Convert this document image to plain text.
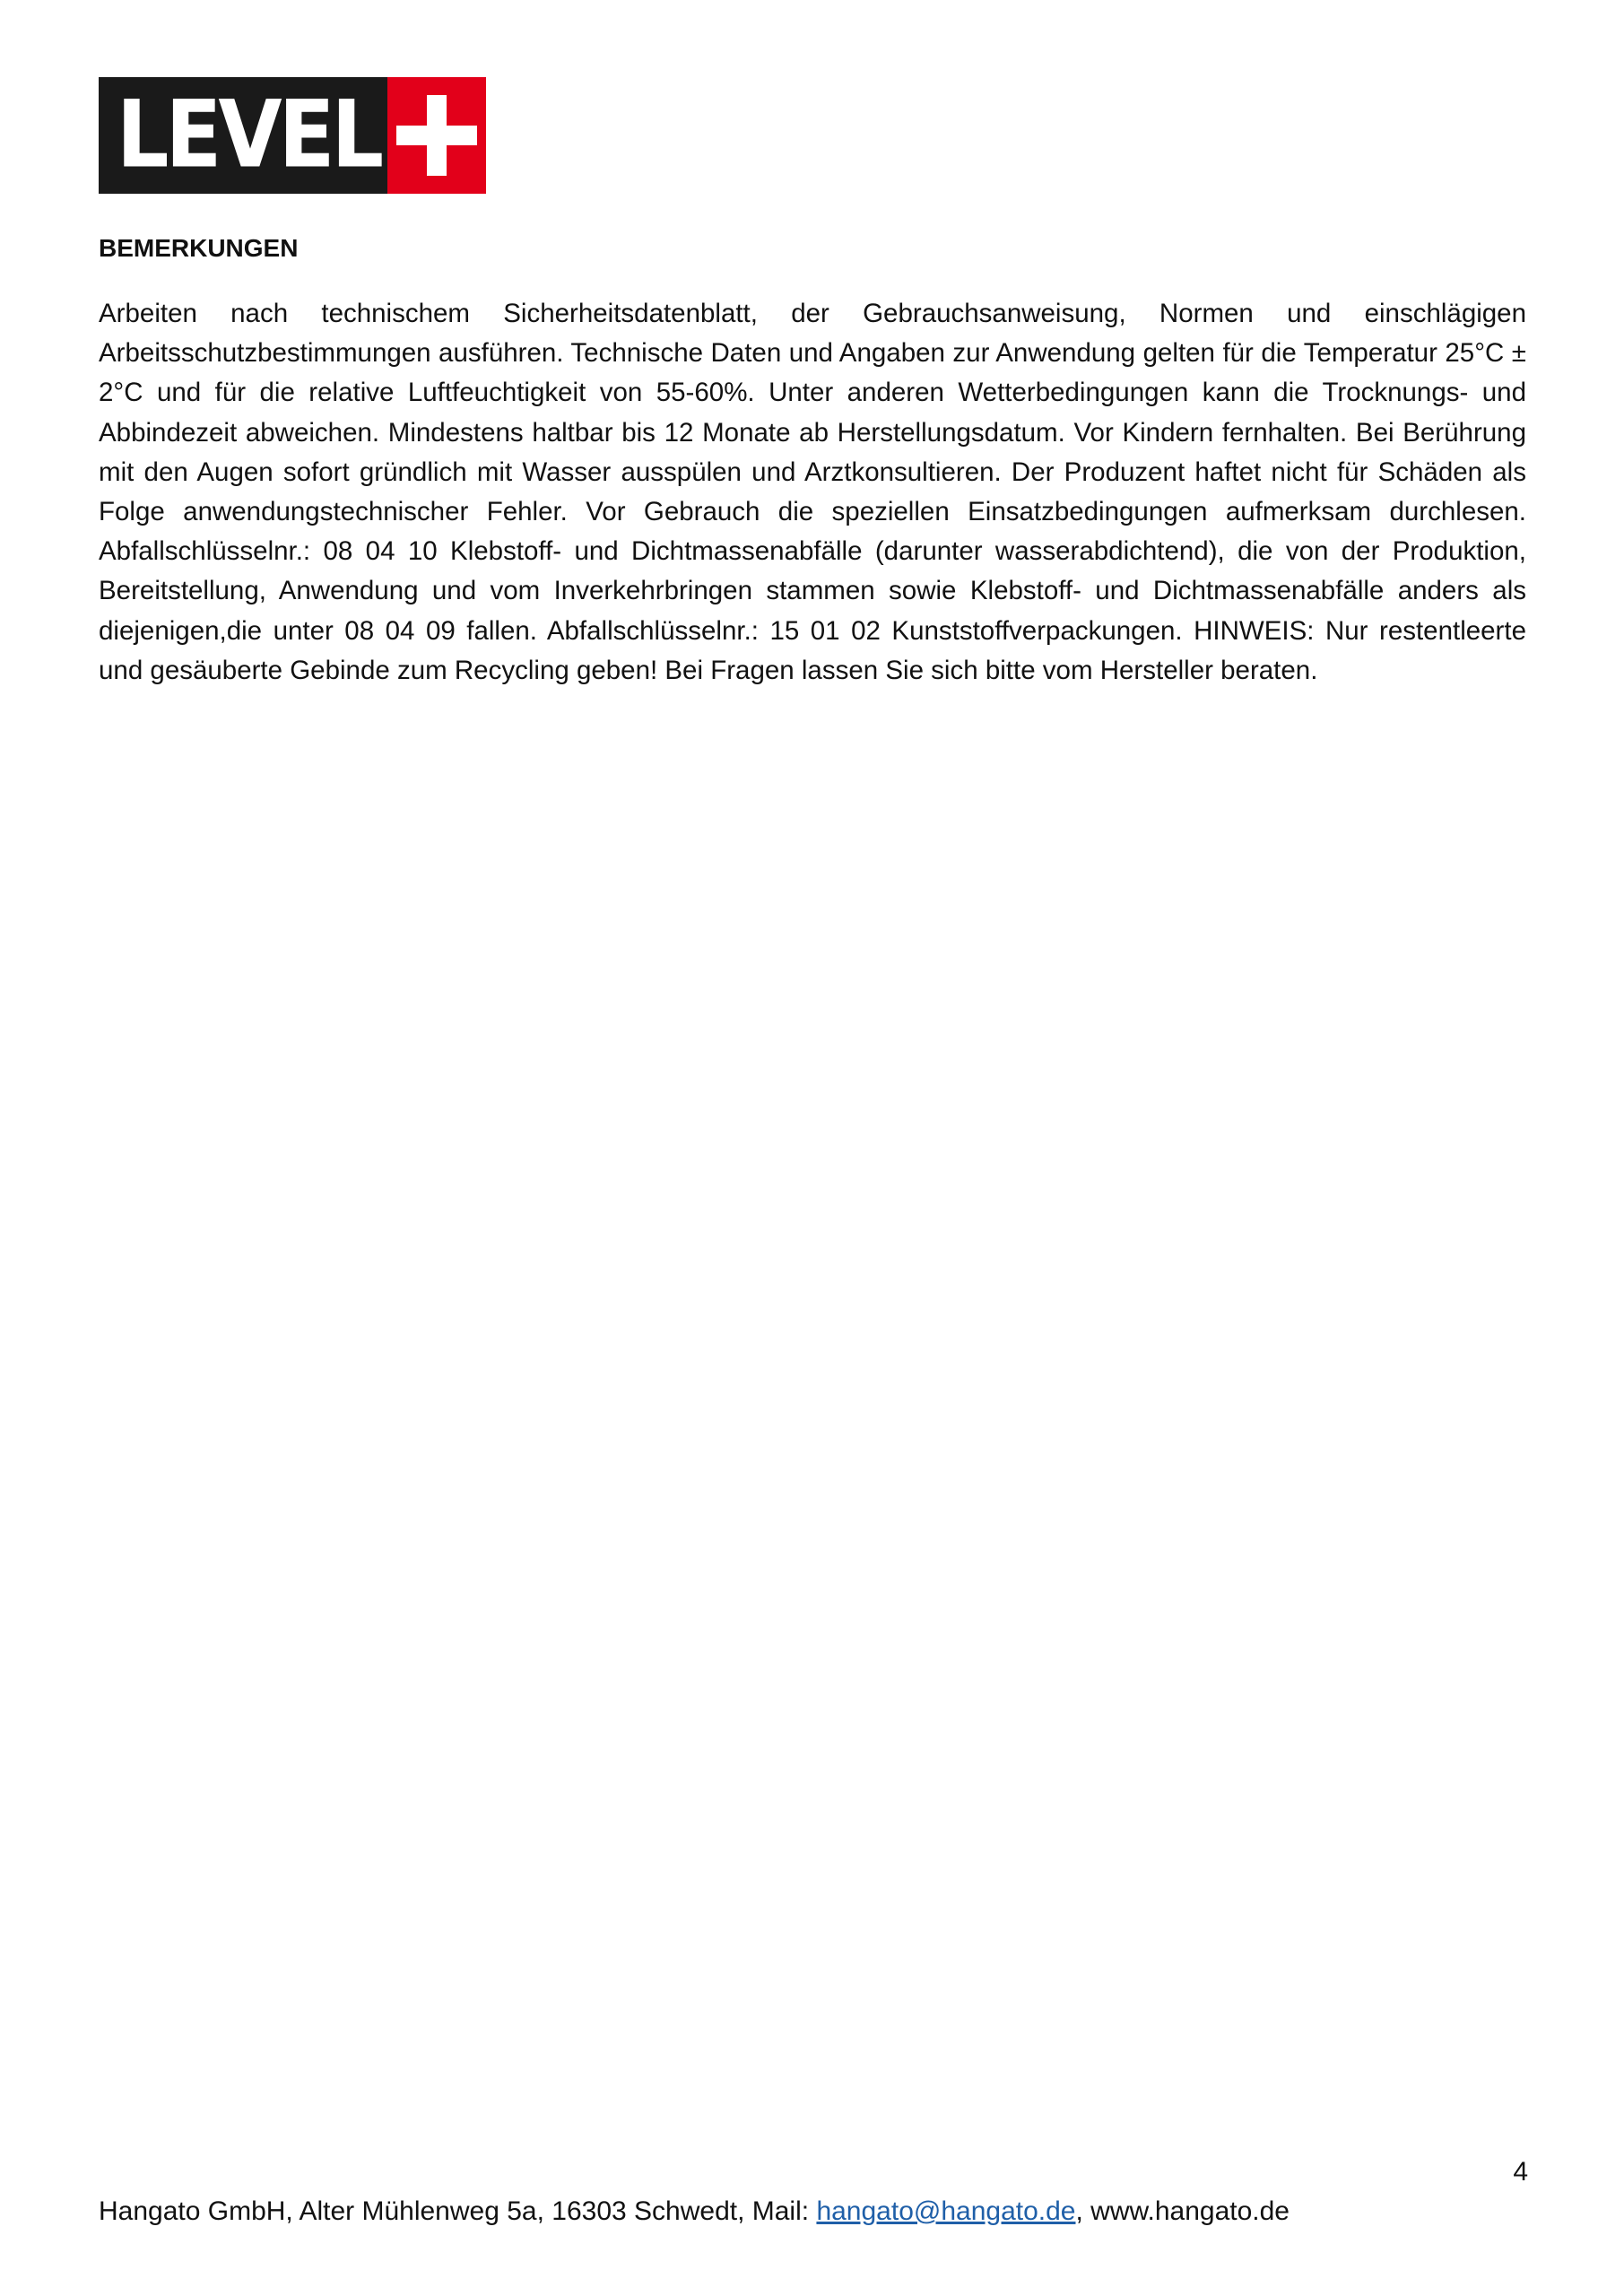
LEVEL
BEMERKUNGEN

Arbeiten nach technischem Sicherheitsdatenblatt, der Gebrauchsanweisung, Normen und einschlägigen Arbeitsschutzbestimmungen ausführen. Technische Daten und Angaben zur Anwendung gelten für die Temperatur 25°C ± 2°C und für die relative Luftfeuchtigkeit von 55-60%. Unter anderen Wetterbedingungen kann die Trocknungs- und Abbindezeit abweichen. Mindestens haltbar bis 12 Monate ab Herstellungsdatum. Vor Kindern fernhalten. Bei Berührung mit den Augen sofort gründlich mit Wasser ausspülen und Arztkonsultieren. Der Produzent haftet nicht für Schäden als Folge anwendungstechnischer Fehler. Vor Gebrauch die speziellen Einsatzbedingungen aufmerksam durchlesen. Abfallschlüsselnr.: 08 04 10 Klebstoff- und Dichtmassenabfälle (darunter wasserabdichtend), die von der Produktion, Bereitstellung, Anwendung und vom Inverkehrbringen stammen sowie Klebstoff- und Dichtmassenabfälle anders als diejenigen,die unter 08 04 09 fallen. Abfallschlüsselnr.: 15 01 02 Kunststoffverpackungen. HINWEIS: Nur restentleerte und gesäuberte Gebinde zum Recycling geben! Bei Fragen lassen Sie sich bitte vom Hersteller beraten.

4
Hangato GmbH, Alter Mühlenweg 5a, 16303 Schwedt, Mail: hangato@hangato.de, www.hangato.de
